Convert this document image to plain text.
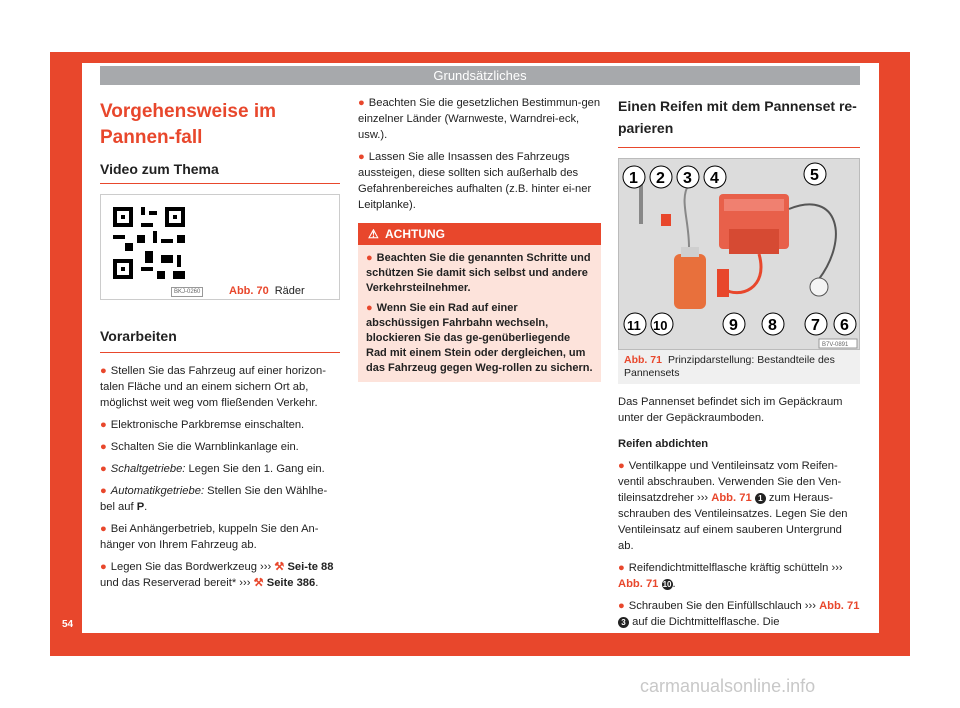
Grundsätzliches
Vorgehensweise im Pannen-fall
Video zum Thema
BKJ-0260	Abb. 70 Räder
Vorarbeiten
● Stellen Sie das Fahrzeug auf einer horizon-talen Fläche und an einem sichern Ort ab, möglichst weit weg vom fließenden Verkehr.
● Elektronische Parkbremse einschalten.
● Schalten Sie die Warnblinkanlage ein.
● Schaltgetriebe: Legen Sie den 1. Gang ein.
● Automatikgetriebe: Stellen Sie den Wählhe-bel auf P.
● Bei Anhängerbetrieb, kuppeln Sie den An-hänger von Ihrem Fahrzeug ab.
● Legen Sie das Bordwerkzeug ››› ⚒ Sei-te 88 und das Reserverad bereit* ››› ⚒ Seite 386.
● Beachten Sie die gesetzlichen Bestimmun-gen einzelner Länder (Warnweste, Warndrei-eck, usw.).
● Lassen Sie alle Insassen des Fahrzeugs aussteigen, diese sollten sich außerhalb des Gefahrenbereiches aufhalten (z.B. hinter ei-ner Leitplanke).
⚠ ACHTUNG
● Beachten Sie die genannten Schritte und schützen Sie damit sich selbst und andere Verkehrsteilnehmer.
● Wenn Sie ein Rad auf einer abschüssigen Fahrbahn wechseln, blockieren Sie das ge-genüberliegende Rad mit einem Stein oder dergleichen, um das Fahrzeug gegen Weg-rollen zu sichern.
Einen Reifen mit dem Pannenset re-parieren
1 2 3 4	5
6
7
8
9
10
11
B7V-0891
Abb. 71 Prinzipdarstellung: Bestandteile des Pannensets

Das Pannenset befindet sich im Gepäckraum unter der Gepäckraumboden.

Reifen abdichten
● Ventilkappe und Ventileinsatz vom Reifen-ventil abschrauben. Verwenden Sie den Ven-tileinsatzdreher ››› Abb. 71 1 zum Heraus-schrauben des Ventileinsatzes. Legen Sie den Ventileinsatz auf einem sauberen Untergrund ab.
● Reifendichtmittelflasche kräftig schütteln ››› Abb. 71 10.
● Schrauben Sie den Einfüllschlauch ››› Abb. 71 3 auf die Dichtmittelflasche. Die
54
carmanualsonline.info
